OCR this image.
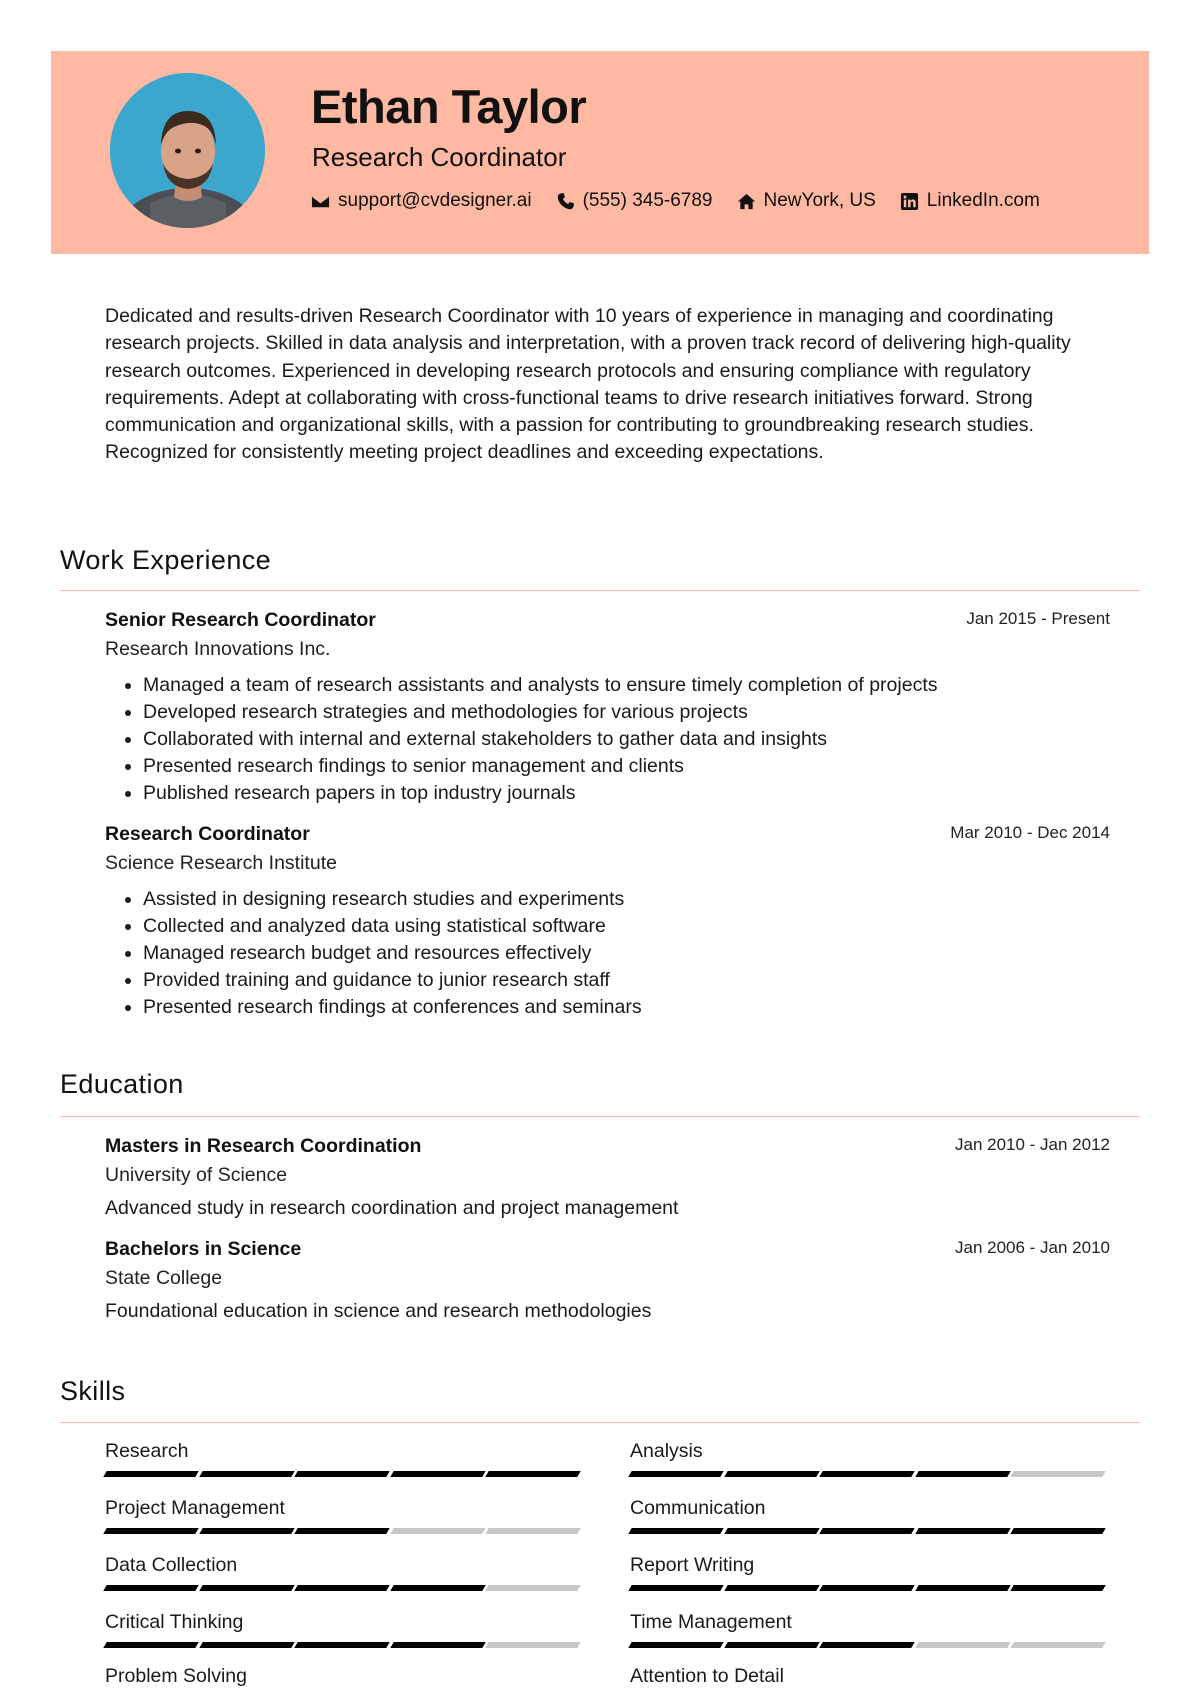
Ethan Taylor
Research Coordinator
support@cvdesigner.ai	(555) 345-6789	NewYork, US	LinkedIn.com

Dedicated and results-driven Research Coordinator with 10 years of experience in managing and coordinating research projects. Skilled in data analysis and interpretation, with a proven track record of delivering high-quality research outcomes. Experienced in developing research protocols and ensuring compliance with regulatory requirements. Adept at collaborating with cross-functional teams to drive research initiatives forward. Strong communication and organizational skills, with a passion for contributing to groundbreaking research studies. Recognized for consistently meeting project deadlines and exceeding expectations.

Work Experience
Senior Research Coordinator	Jan 2015 - Present
Research Innovations Inc.
• Managed a team of research assistants and analysts to ensure timely completion of projects
• Developed research strategies and methodologies for various projects
• Collaborated with internal and external stakeholders to gather data and insights
• Presented research findings to senior management and clients
• Published research papers in top industry journals
Research Coordinator	Mar 2010 - Dec 2014
Science Research Institute
• Assisted in designing research studies and experiments
• Collected and analyzed data using statistical software
• Managed research budget and resources effectively
• Provided training and guidance to junior research staff
• Presented research findings at conferences and seminars
Education
Masters in Research Coordination	Jan 2010 - Jan 2012
University of Science
Advanced study in research coordination and project management
Bachelors in Science	Jan 2006 - Jan 2010
State College
Foundational education in science and research methodologies
Skills
Research	Analysis
Project Management	Communication
Data Collection	Report Writing
Critical Thinking	Time Management
Problem Solving	Attention to Detail
